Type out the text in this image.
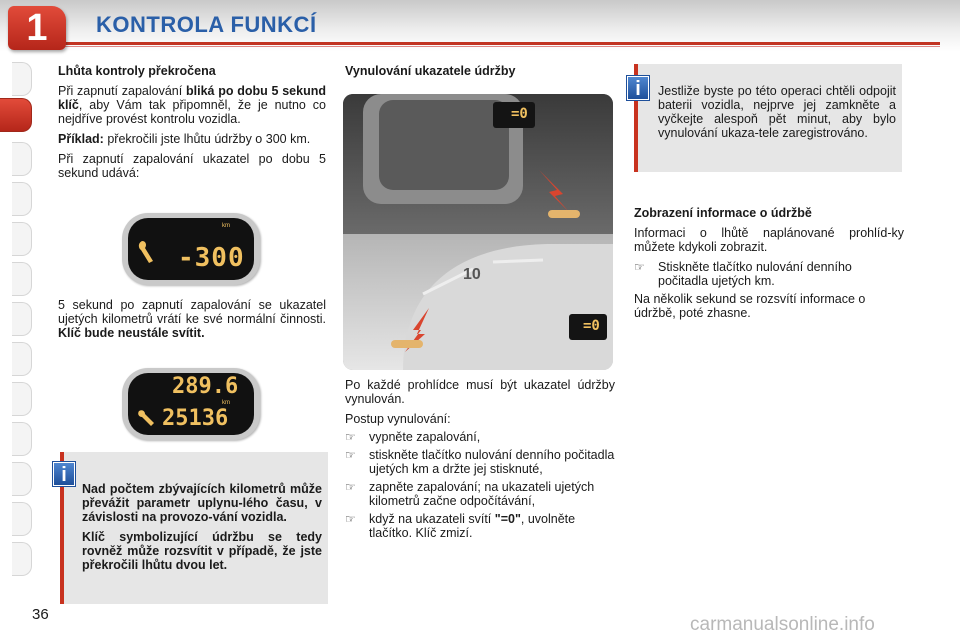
1	KONTROLA FUNKCÍ
Lhůta kontroly překročena

Při zapnutí zapalování bliká po dobu 5 sekund klíč, aby Vám tak připomněl, že je nutno co nejdříve provést kontrolu vozidla.

Příklad: překročili jste lhůtu údržby o 300 km.

Při zapnutí zapalování ukazatel po dobu 5 sekund udává:

km
-300

5 sekund po zapnutí zapalování se ukazatel ujetých kilometrů vrátí ke své normální činnosti. Klíč bude neustále svítit.

289.6
km
25136
i

Nad počtem zbývajících kilometrů může převážit parametr uplynu-lého času, v závislosti na provozo-vání vozidla.

Klíč symbolizující údržbu se tedy rovněž může rozsvítit v případě, že jste překročili lhůtu dvou let.

Vynulování ukazatele údržby
=0
10
=0

Po každé prohlídce musí být ukazatel údržby vynulován.

Postup vynulování:

☞	vypněte zapalování,
☞	stiskněte tlačítko nulování denního počitadla ujetých km a držte jej stisknuté,
☞	zapněte zapalování; na ukazateli ujetých kilometrů začne odpočítávání,
☞	když na ukazateli svítí "=0", uvolněte tlačítko. Klíč zmizí.
i	Jestliže byste po této operaci chtěli odpojit baterii vozidla, nejprve jej zamkněte a vyčkejte alespoň pět minut, aby bylo vynulování ukaza-tele zaregistrováno.
Zobrazení informace o údržbě

Informaci o lhůtě naplánované prohlíd-ky můžete kdykoli zobrazit.

☞	Stiskněte tlačítko nulování denního počitadla ujetých km.

Na několik sekund se rozsvítí informace o údržbě, poté zhasne.

36	carmanualsonline.info
